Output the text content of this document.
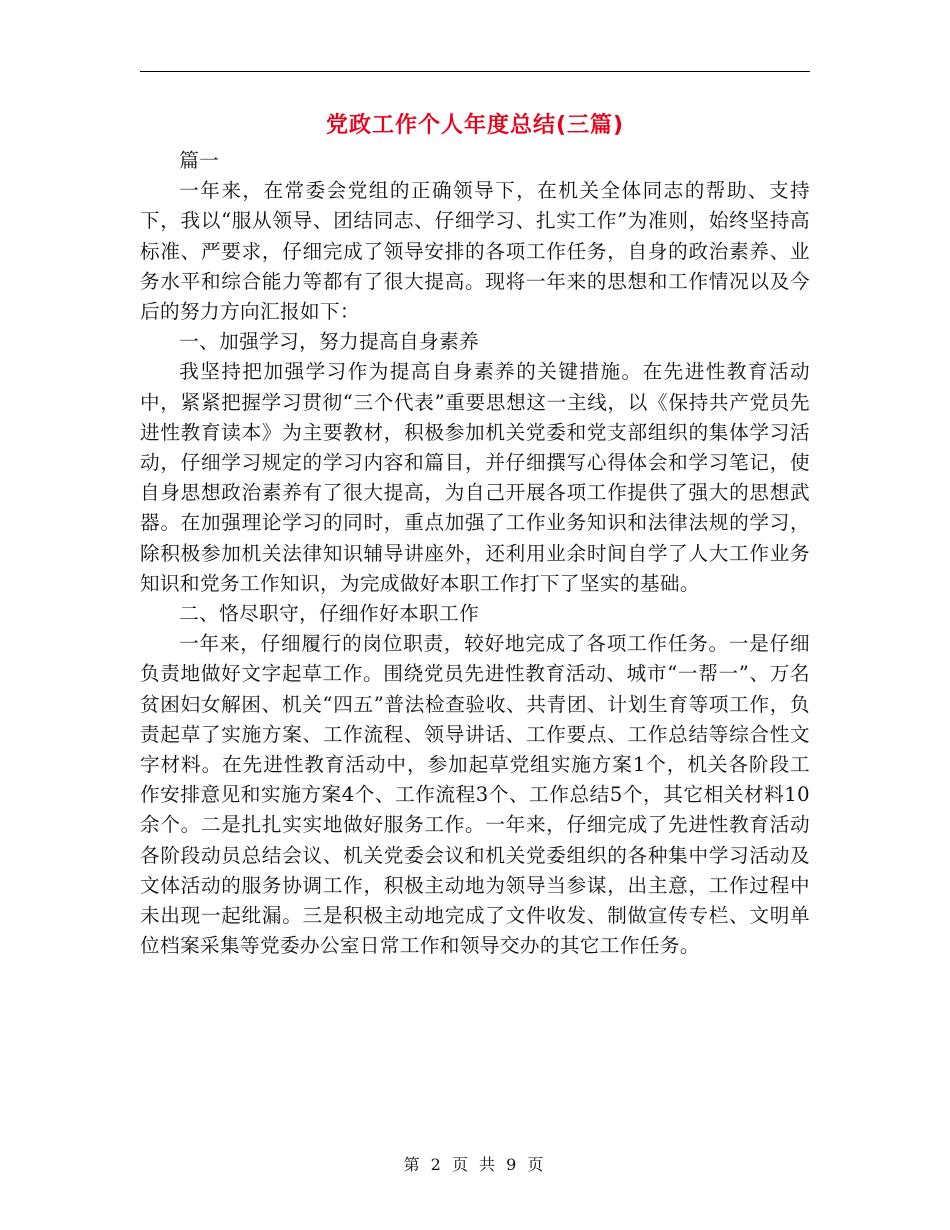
党政工作个人年度总结(三篇)

篇一

一年来，在常委会党组的正确领导下，在机关全体同志的帮助、支持下，我以“服从领导、团结同志、仔细学习、扎实工作”为准则，始终坚持高标准、严要求，仔细完成了领导安排的各项工作任务，自身的政治素养、业务水平和综合能力等都有了很大提高。现将一年来的思想和工作情况以及今后的努力方向汇报如下：

一、加强学习，努力提高自身素养

我坚持把加强学习作为提高自身素养的关键措施。在先进性教育活动中，紧紧把握学习贯彻“三个代表”重要思想这一主线，以《保持共产党员先进性教育读本》为主要教材，积极参加机关党委和党支部组织的集体学习活动，仔细学习规定的学习内容和篇目，并仔细撰写心得体会和学习笔记，使自身思想政治素养有了很大提高，为自己开展各项工作提供了强大的思想武器。在加强理论学习的同时，重点加强了工作业务知识和法律法规的学习，除积极参加机关法律知识辅导讲座外，还利用业余时间自学了人大工作业务知识和党务工作知识，为完成做好本职工作打下了坚实的基础。

二、恪尽职守，仔细作好本职工作

一年来，仔细履行的岗位职责，较好地完成了各项工作任务。一是仔细负责地做好文字起草工作。围绕党员先进性教育活动、城市“一帮一”、万名贫困妇女解困、机关“四五”普法检查验收、共青团、计划生育等项工作，负责起草了实施方案、工作流程、领导讲话、工作要点、工作总结等综合性文字材料。在先进性教育活动中，参加起草党组实施方案1个，机关各阶段工作安排意见和实施方案4个、工作流程3个、工作总结5个，其它相关材料10余个。二是扎扎实实地做好服务工作。一年来，仔细完成了先进性教育活动各阶段动员总结会议、机关党委会议和机关党委组织的各种集中学习活动及文体活动的服务协调工作，积极主动地为领导当参谋，出主意，工作过程中未出现一起纰漏。三是积极主动地完成了文件收发、制做宣传专栏、文明单位档案采集等党委办公室日常工作和领导交办的其它工作任务。

第 2 页 共 9 页
